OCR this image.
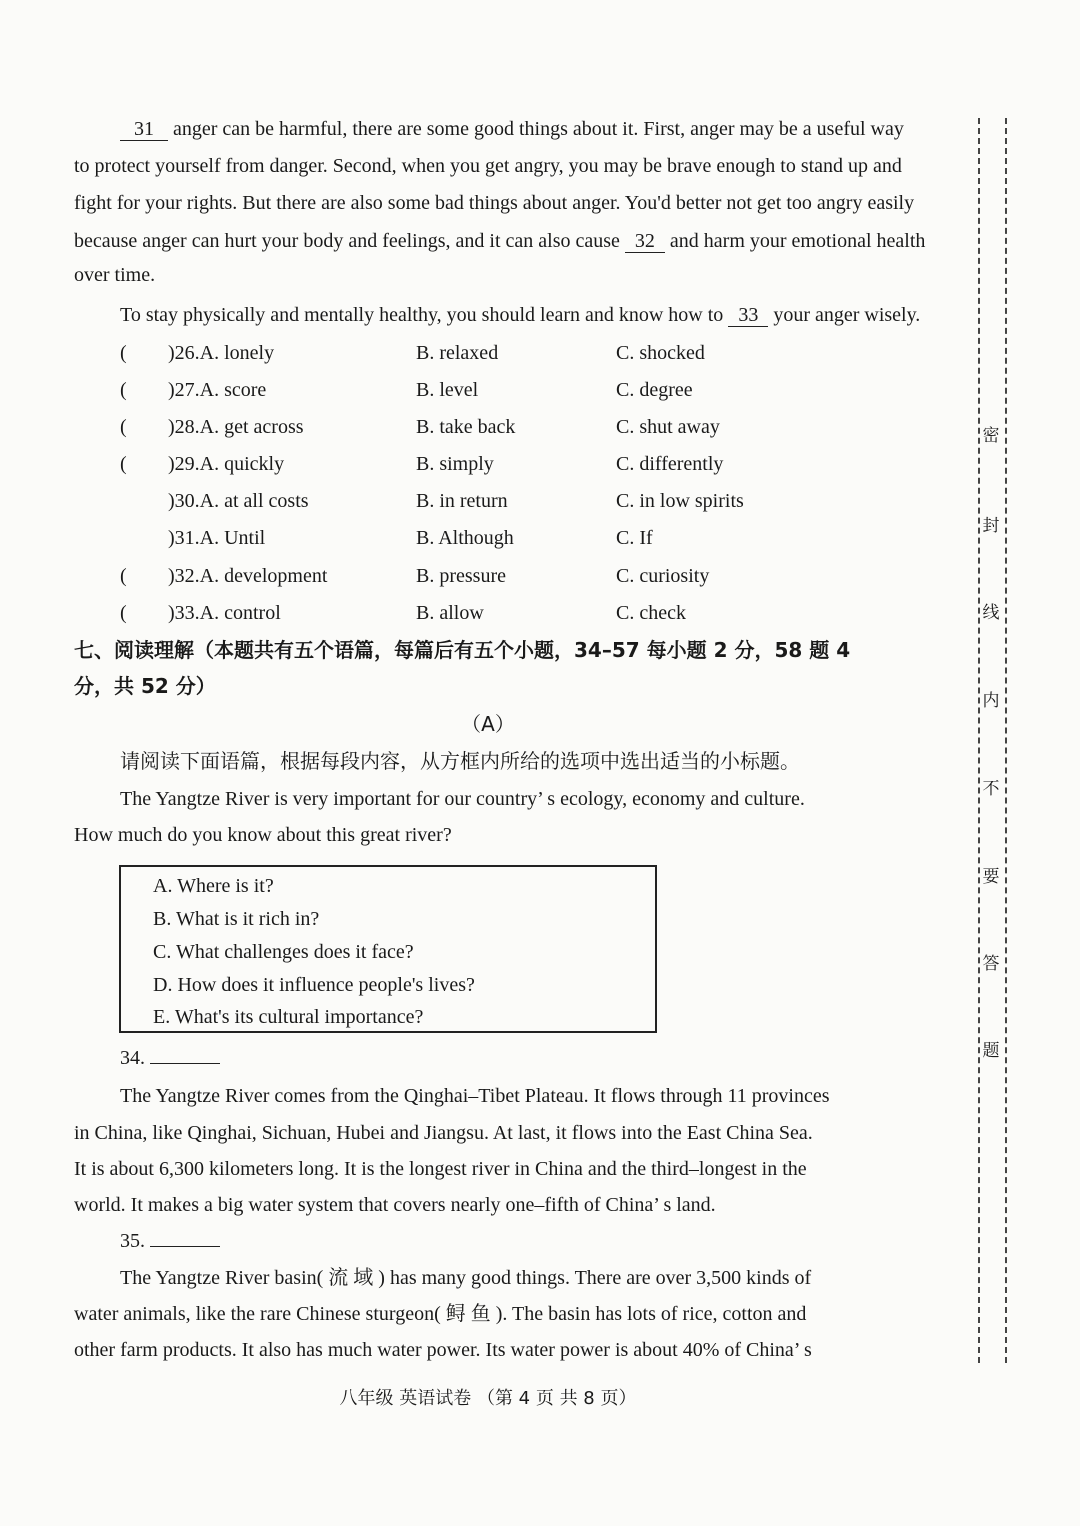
31 anger can be harmful, there are some good things about it. First, anger may be a useful way
to protect yourself from danger. Second, when you get angry, you may be brave enough to stand up and
fight for your rights. But there are also some bad things about anger. You'd better not get too angry easily
because anger can hurt your body and feelings, and it can also cause 32 and harm your emotional health
over time.
To stay physically and mentally healthy, you should learn and know how to 33 your anger wisely.
( )26.A. lonely	B. relaxed	C. shocked
( )27.A. score	B. level	C. degree
( )28.A. get across	B. take back	C. shut away
( )29.A. quickly	B. simply	C. differently
)30.A. at all costs	B. in return	C. in low spirits
)31.A. Until	B. Although	C. If
( )32.A. development	B. pressure	C. curiosity
( )33.A. control	B. allow	C. check
七、阅读理解（本题共有五个语篇，每篇后有五个小题，34–57 每小题 2 分，58 题 4
分，共 52 分）
（A）
请阅读下面语篇，根据每段内容，从方框内所给的选项中选出适当的小标题。
The Yangtze River is very important for our country’ s ecology, economy and culture.
How much do you know about this great river?
A. Where is it?
B. What is it rich in?
C. What challenges does it face?
D. How does it influence people's lives?
E. What's its cultural importance?
34.
The Yangtze River comes from the Qinghai–Tibet Plateau. It flows through 11 provinces
in China, like Qinghai, Sichuan, Hubei and Jiangsu. At last, it flows into the East China Sea.
It is about 6,300 kilometers long. It is the longest river in China and the third–longest in the
world. It makes a big water system that covers nearly one–fifth of China’ s land.
35.
The Yangtze River basin( 流 域 ) has many good things. There are over 3,500 kinds of
water animals, like the rare Chinese sturgeon( 鲟 鱼 ). The basin has lots of rice, cotton and
other farm products. It also has much water power. Its water power is about 40% of China’ s
密
封
线
内
不
要
答
题
八年级 英语试卷 （第 4 页 共 8 页）
